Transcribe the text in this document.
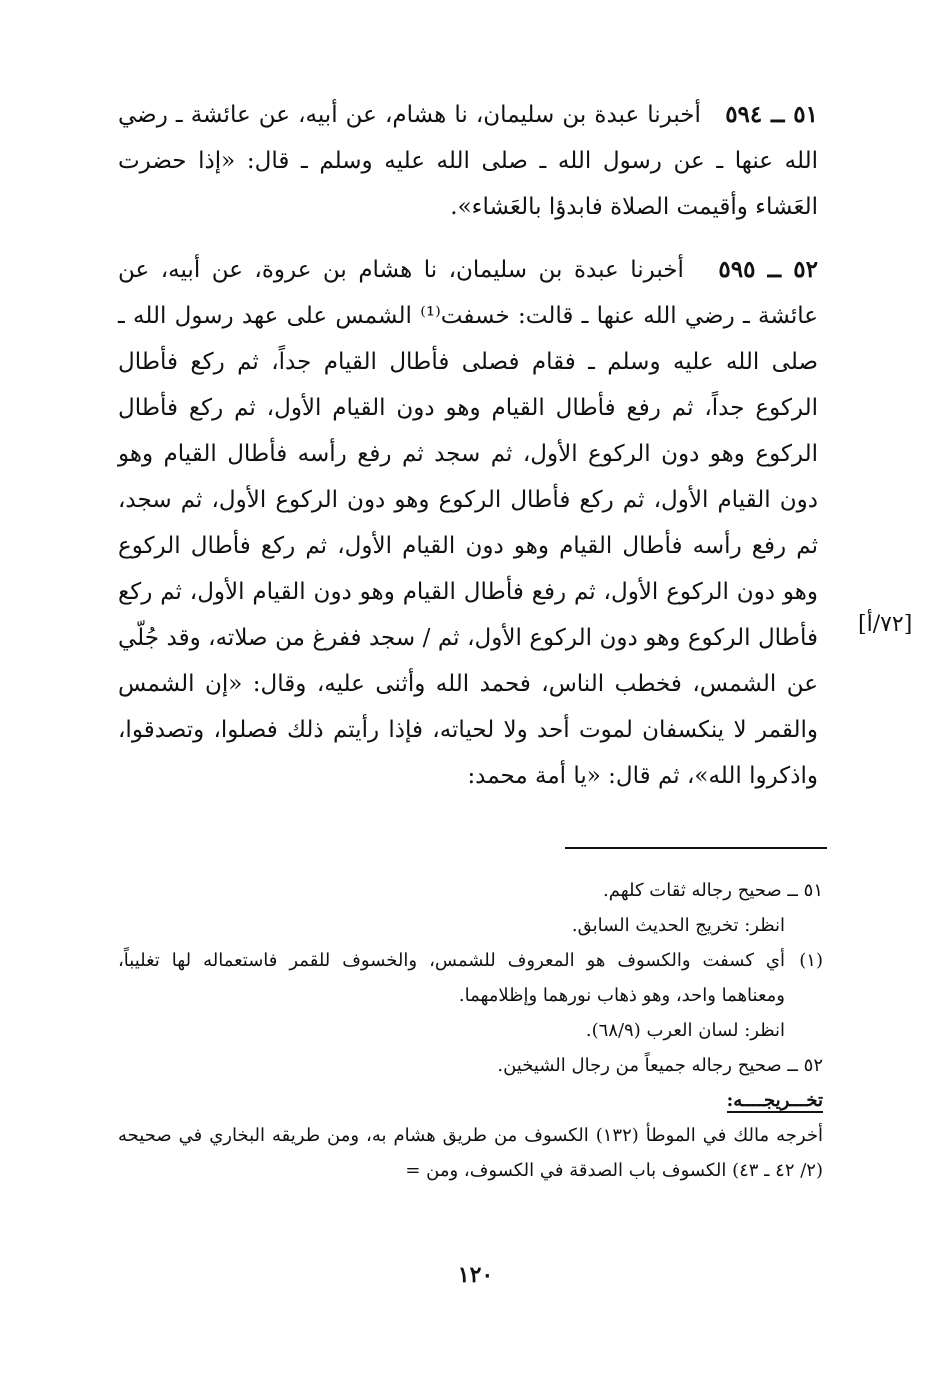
٥١ ــ ٥٩٤   أخبرنا عبدة بن سليمان، نا هشام، عن أبيه، عن عائشة ـ رضي الله عنها ـ عن رسول الله ـ صلى الله عليه وسلم ـ قال: «إذا حضرت العَشاء وأقيمت الصلاة فابدؤا بالعَشاء».

٥٢ ــ ٥٩٥   أخبرنا عبدة بن سليمان، نا هشام بن عروة، عن أبيه، عن عائشة ـ رضي الله عنها ـ قالت: خسفت⁽¹⁾ الشمس على عهد رسول الله ـ صلى الله عليه وسلم ـ فقام فصلى فأطال القيام جداً، ثم ركع فأطال الركوع جداً، ثم رفع فأطال القيام وهو دون القيام الأول، ثم ركع فأطال الركوع وهو دون الركوع الأول، ثم سجد ثم رفع رأسه فأطال القيام وهو دون القيام الأول، ثم ركع فأطال الركوع وهو دون الركوع الأول، ثم سجد، ثم رفع رأسه فأطال القيام وهو دون القيام الأول، ثم ركع فأطال الركوع وهو دون الركوع الأول، ثم رفع فأطال القيام وهو دون القيام الأول، ثم ركع فأطال الركوع وهو دون الركوع الأول، ثم / سجد ففرغ من صلاته، وقد جُلّي عن الشمس، فخطب الناس، فحمد الله وأثنى عليه، وقال: «إن الشمس والقمر لا ينكسفان لموت أحد ولا لحياته، فإذا رأيتم ذلك فصلوا، وتصدقوا، واذكروا الله»، ثم قال: «يا أمة محمد:

[٧٢/أ]

٥١ ــ صحيح رجاله ثقات كلهم.

انظر: تخريج الحديث السابق.

(١)
أي كسفت والكسوف هو المعروف للشمس، والخسوف للقمر فاستعماله لها تغليباً، ومعناهما واحد، وهو ذهاب نورهما وإظلامهما.

انظر: لسان العرب (٦٨/٩).

٥٢ ــ صحيح رجاله جميعاً من رجال الشيخين.

تخـــريجــــه:

أخرجه مالك في الموطأ (١٣٢) الكسوف من طريق هشام به، ومن طريقه البخاري في صحيحه (٢/ ٤٢ ـ ٤٣) الكسوف باب الصدقة في الكسوف، ومن =

١٢٠
